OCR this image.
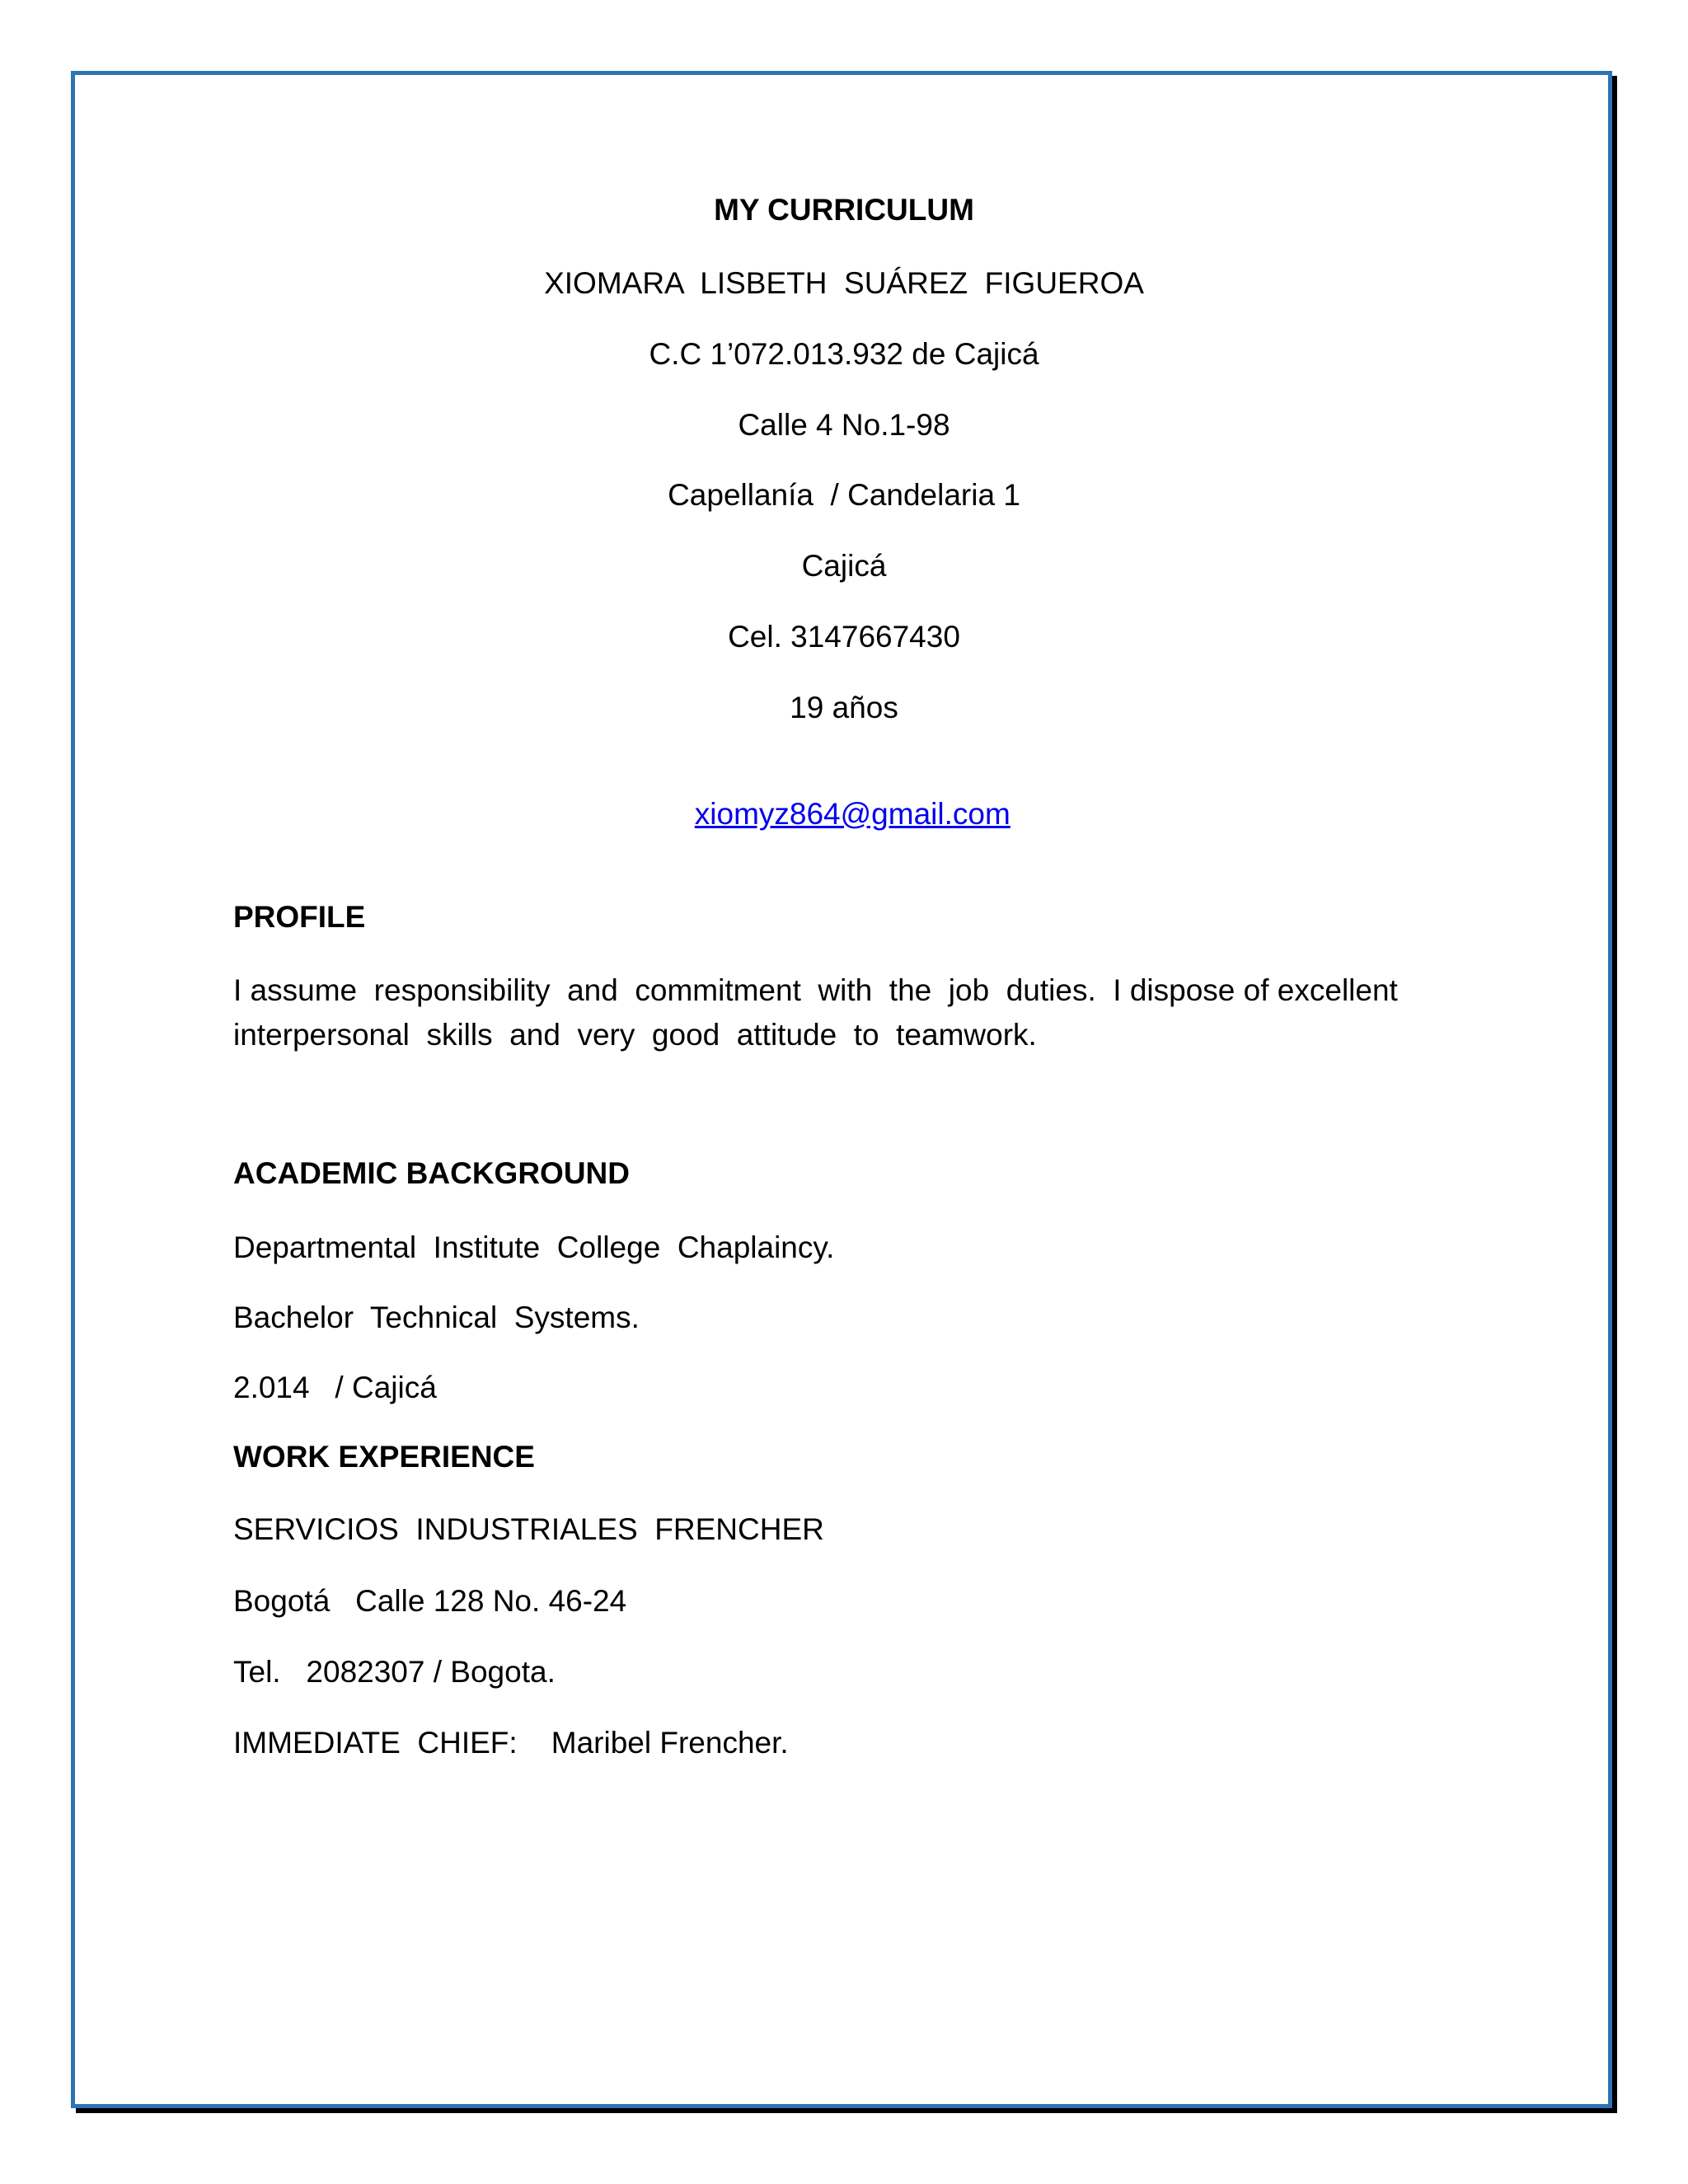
MY CURRICULUM
XIOMARA  LISBETH  SUÁREZ  FIGUEROA
C.C 1’072.013.932 de Cajicá
Calle 4 No.1-98
Capellanía  / Candelaria 1
Cajicá
Cel. 3147667430
19 años

xiomyz864@gmail.com

PROFILE
I assume  responsibility  and  commitment  with  the  job  duties.  I dispose of excellent
interpersonal  skills  and  very  good  attitude  to  teamwork.
ACADEMIC BACKGROUND
Departmental  Institute  College  Chaplaincy.
Bachelor  Technical  Systems.
2.014   / Cajicá
WORK EXPERIENCE
SERVICIOS  INDUSTRIALES  FRENCHER
Bogotá   Calle 128 No. 46-24
Tel.   2082307 / Bogota.
IMMEDIATE  CHIEF:    Maribel Frencher.
